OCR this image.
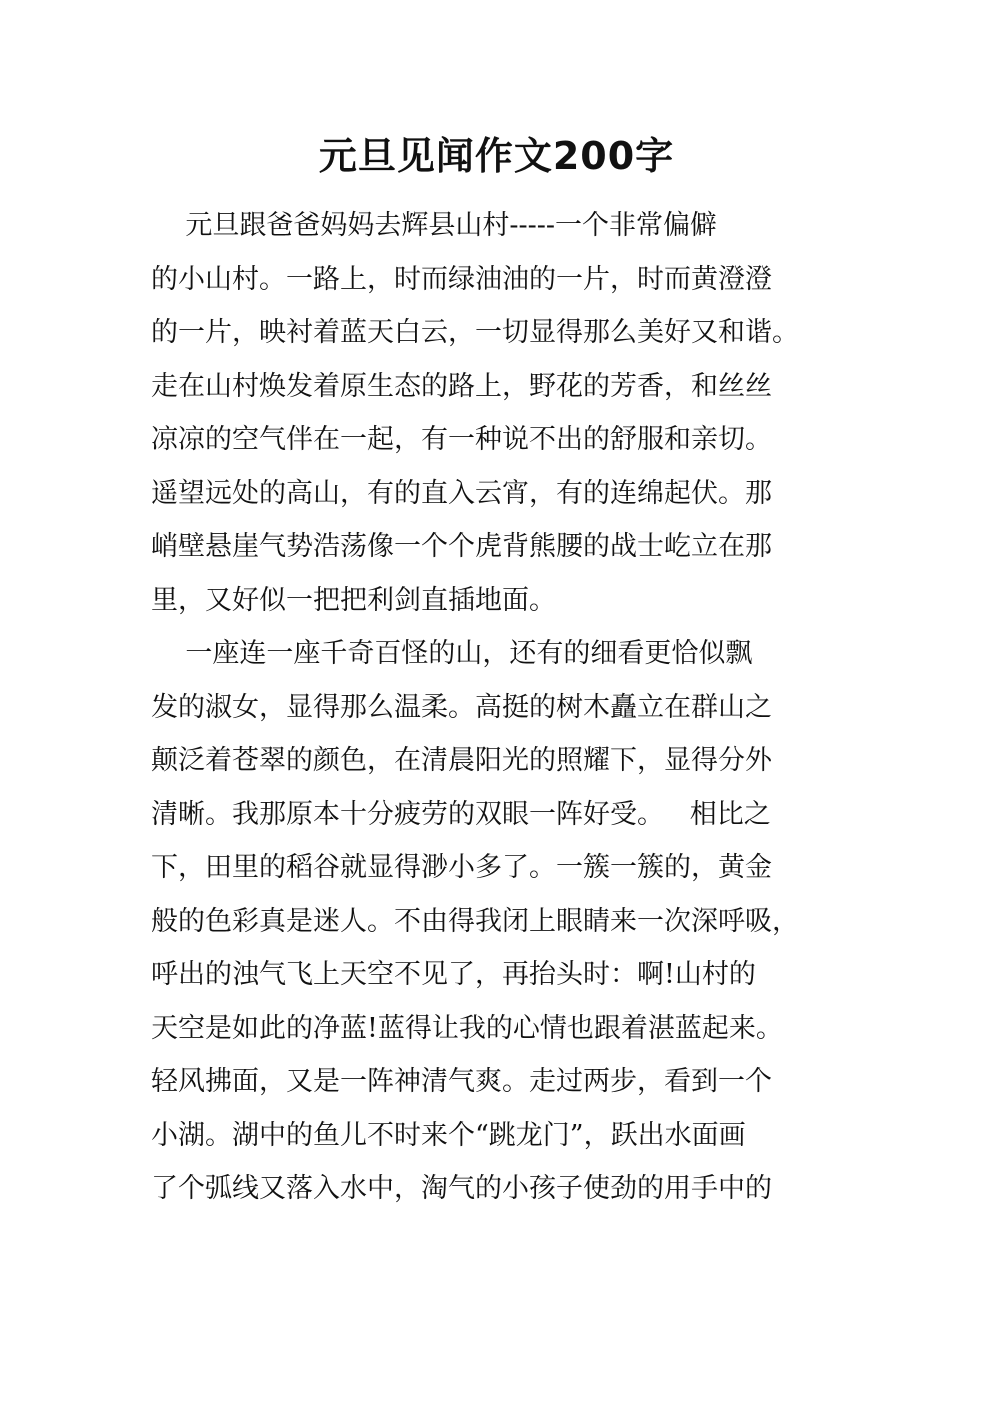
元旦见闻作文200字
元旦跟爸爸妈妈去辉县山村-----一个非常偏僻
的小山村。一路上，时而绿油油的一片，时而黄澄澄
的一片，映衬着蓝天白云，一切显得那么美好又和谐。
走在山村焕发着原生态的路上，野花的芳香，和丝丝
凉凉的空气伴在一起，有一种说不出的舒服和亲切。
遥望远处的高山，有的直入云宵，有的连绵起伏。那
峭壁悬崖气势浩荡像一个个虎背熊腰的战士屹立在那
里，又好似一把把利剑直插地面。
一座连一座千奇百怪的山，还有的细看更恰似飘
发的淑女，显得那么温柔。高挺的树木矗立在群山之
颠泛着苍翠的颜色，在清晨阳光的照耀下，显得分外
清晰。我那原本十分疲劳的双眼一阵好受。   相比之
下，田里的稻谷就显得渺小多了。一簇一簇的，黄金
般的色彩真是迷人。不由得我闭上眼睛来一次深呼吸，
呼出的浊气飞上天空不见了，再抬头时：啊!山村的
天空是如此的净蓝!蓝得让我的心情也跟着湛蓝起来。
轻风拂面，又是一阵神清气爽。走过两步，看到一个
小湖。湖中的鱼儿不时来个“跳龙门”，跃出水面画
了个弧线又落入水中，淘气的小孩子使劲的用手中的
